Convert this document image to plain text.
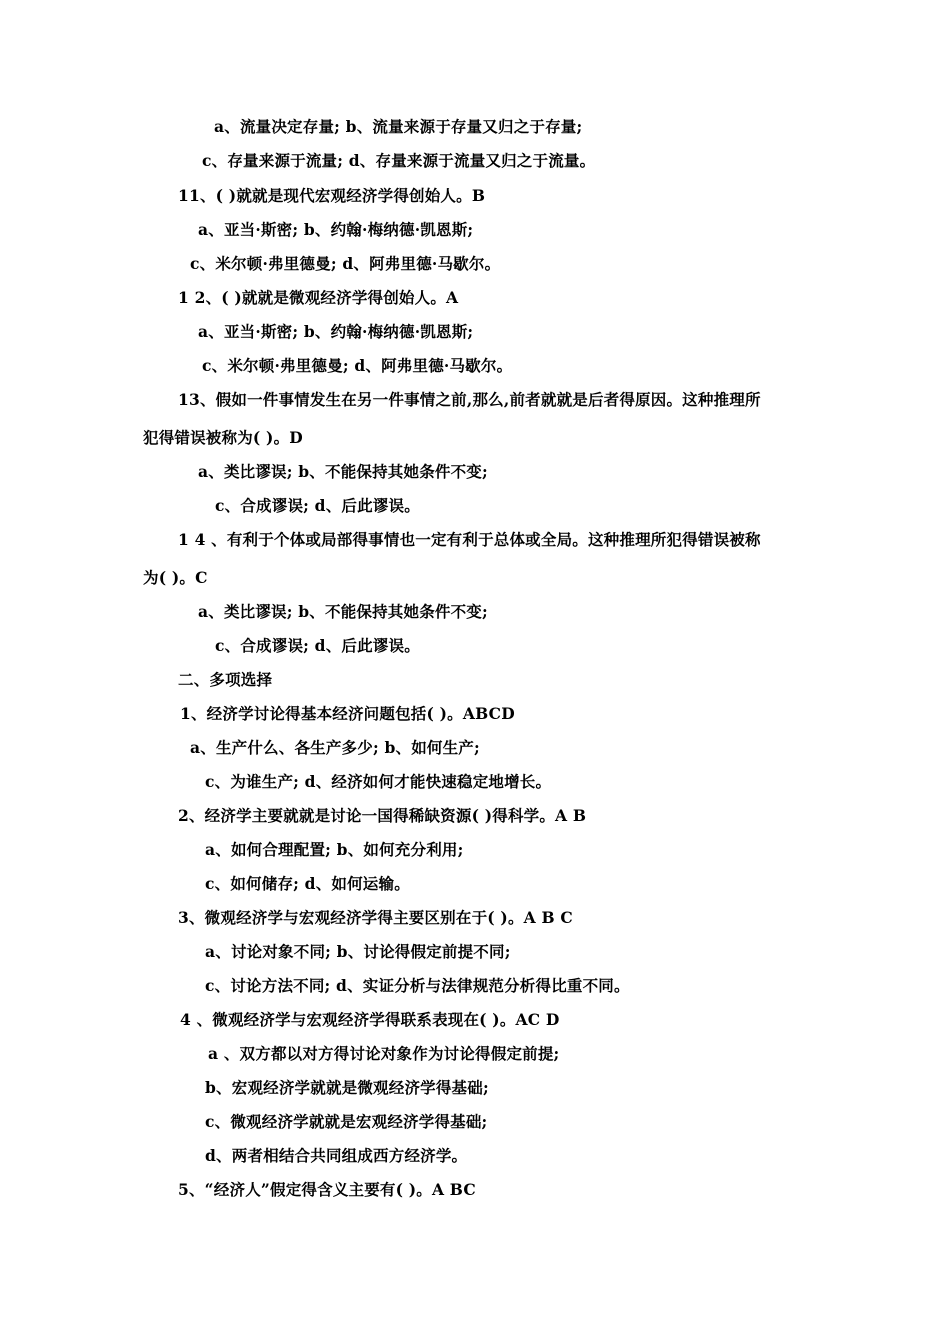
a、流量决定存量; b、流量来源于存量又归之于存量;
c、存量来源于流量; d、存量来源于流量又归之于流量。
11、( )就就是现代宏观经济学得创始人。B
a、亚当·斯密; b、约翰·梅纳德·凯恩斯;
c、米尔顿·弗里德曼; d、阿弗里德·马歇尔。
1 2、( )就就是微观经济学得创始人。A
a、亚当·斯密; b、约翰·梅纳德·凯恩斯;
c、米尔顿·弗里德曼; d、阿弗里德·马歇尔。
13、假如一件事情发生在另一件事情之前,那么,前者就就是后者得原因。这种推理所
犯得错误被称为( )。D
a、类比谬误; b、不能保持其她条件不变;
c、合成谬误; d、后此谬误。
1 4 、有利于个体或局部得事情也一定有利于总体或全局。这种推理所犯得错误被称
为( )。C
a、类比谬误; b、不能保持其她条件不变;
c、合成谬误; d、后此谬误。
二、多项选择
1、经济学讨论得基本经济问题包括( )。ABCD
a、生产什么、各生产多少; b、如何生产;
c、为谁生产; d、经济如何才能快速稳定地增长。
2、经济学主要就就是讨论一国得稀缺资源( )得科学。A B
a、如何合理配置; b、如何充分利用;
c、如何储存; d、如何运输。
3、微观经济学与宏观经济学得主要区别在于( )。A B C
a、讨论对象不同; b、讨论得假定前提不同;
c、讨论方法不同; d、实证分析与法律规范分析得比重不同。
4 、微观经济学与宏观经济学得联系表现在( )。AC D
a 、双方都以对方得讨论对象作为讨论得假定前提;
b、宏观经济学就就是微观经济学得基础;
c、微观经济学就就是宏观经济学得基础;
d、两者相结合共同组成西方经济学。
5、“经济人”假定得含义主要有( )。A BC
